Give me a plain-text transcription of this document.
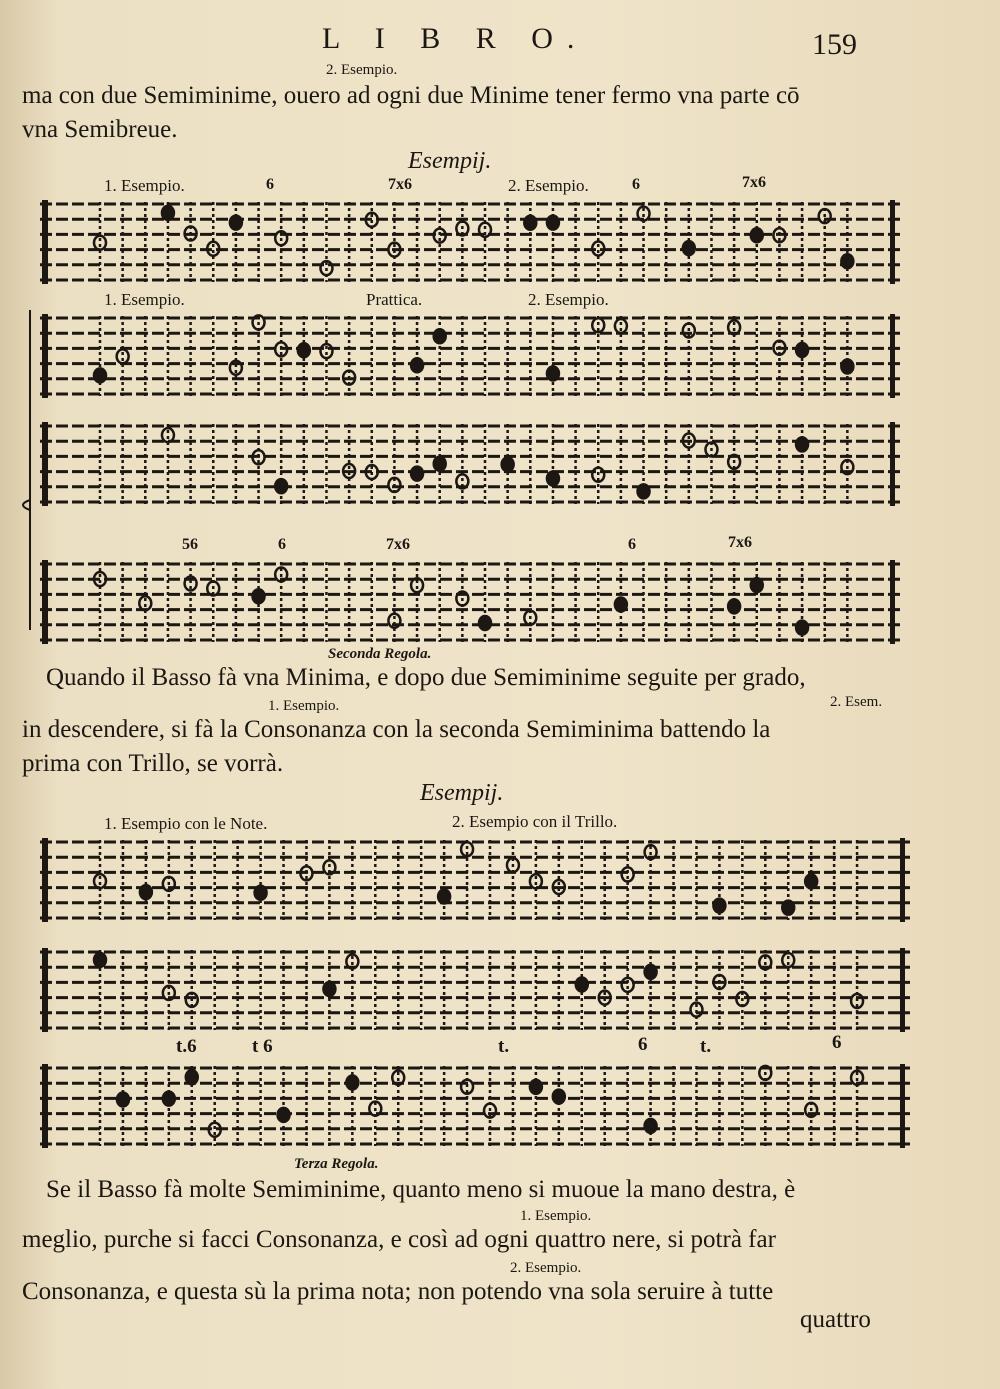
L I B R O.	159
2. Esempio.
ma con due Semiminime, ouero ad ogni due Minime tener fermo vna parte cō
vna Semibreue.
Esempij.
1. Esempio.	6	7x6	2. Esempio.	6	7x6
1. Esempio.	Prattica.	2. Esempio.
56	6	7x6	6	7x6
Seconda Regola.
Quando il Basso fà vna Minima, e dopo due Semiminime seguite per grado,
1. Esempio.	2. Esem.
in descendere, si fà la Consonanza con la seconda Semiminima battendo la
prima con Trillo, se vorrà.
Esempij.
1. Esempio con le Note.	2. Esempio con il Trillo.
t.6	t 6	t.	6	t.	6
Terza Regola.
Se il Basso fà molte Semiminime, quanto meno si muoue la mano destra, è
1. Esempio.
meglio, purche si facci Consonanza, e così ad ogni quattro nere, si potrà far
2. Esempio.
Consonanza, e questa sù la prima nota; non potendo vna sola seruire à tutte
quattro
